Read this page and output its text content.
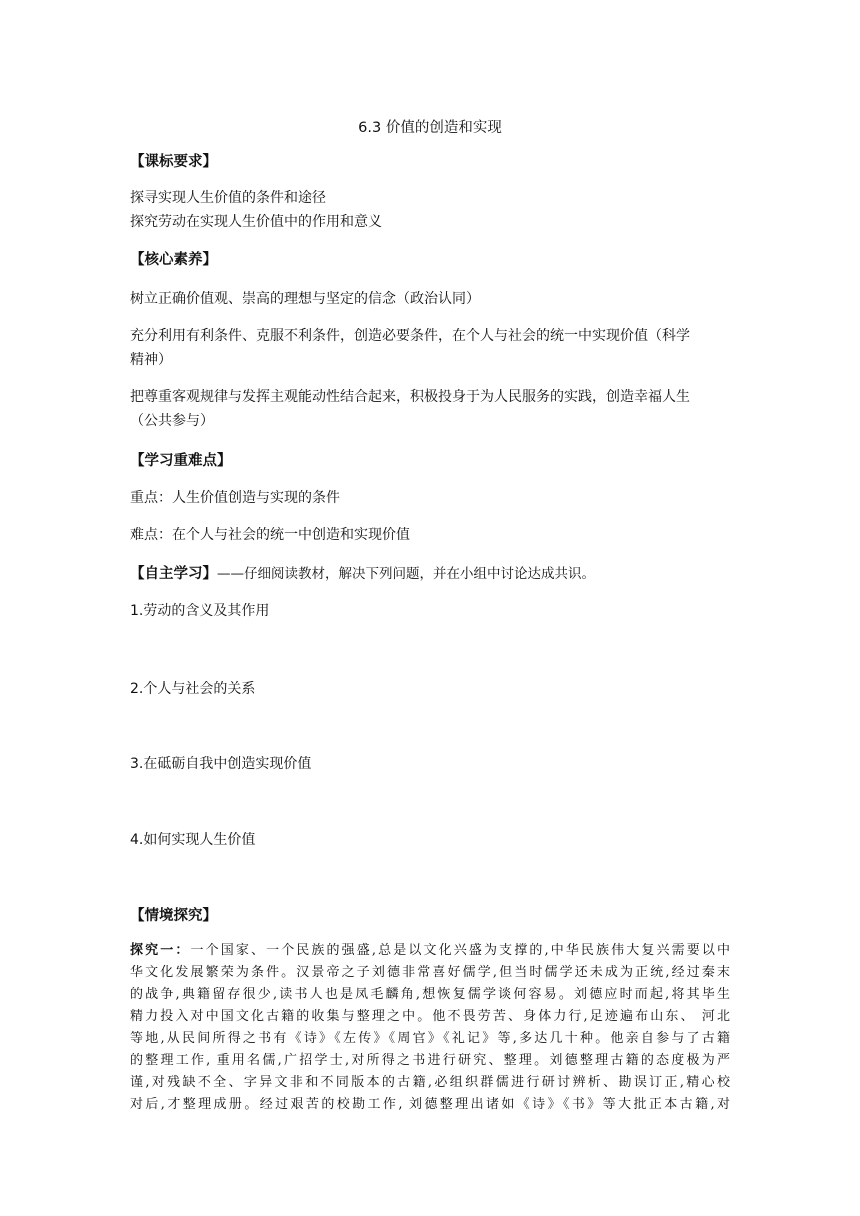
6.3 价值的创造和实现
【课标要求】
探寻实现人生价值的条件和途径
探究劳动在实现人生价值中的作用和意义
【核心素养】
树立正确价值观、崇高的理想与坚定的信念（政治认同）
充分利用有利条件、克服不利条件，创造必要条件，在个人与社会的统一中实现价值（科学
精神）
把尊重客观规律与发挥主观能动性结合起来，积极投身于为人民服务的实践，创造幸福人生
（公共参与）
【学习重难点】
重点：人生价值创造与实现的条件
难点：在个人与社会的统一中创造和实现价值
【自主学习】——仔细阅读教材，解决下列问题，并在小组中讨论达成共识。
1.劳动的含义及其作用
2.个人与社会的关系
3.在砥砺自我中创造实现价值
4.如何实现人生价值
【情境探究】
探究一：一个国家、一个民族的强盛,总是以文化兴盛为支撑的,中华民族伟大复兴需要以中
华文化发展繁荣为条件。汉景帝之子刘德非常喜好儒学,但当时儒学还未成为正统,经过秦末
的战争,典籍留存很少,读书人也是凤毛麟角,想恢复儒学谈何容易。刘德应时而起,将其毕生
精力投入对中国文化古籍的收集与整理之中。他不畏劳苦、身体力行,足迹遍布山东、 河北
等地,从民间所得之书有《诗》《左传》《周官》《礼记》等,多达几十种。他亲自参与了古籍
的整理工作, 重用名儒,广招学士,对所得之书进行研究、整理。刘德整理古籍的态度极为严
谨,对残缺不全、字异文非和不同版本的古籍,必组织群儒进行研讨辨析、勘误订正,精心校
对后,才整理成册。经过艰苦的校勘工作, 刘德整理出诸如《诗》《书》等大批正本古籍,对
